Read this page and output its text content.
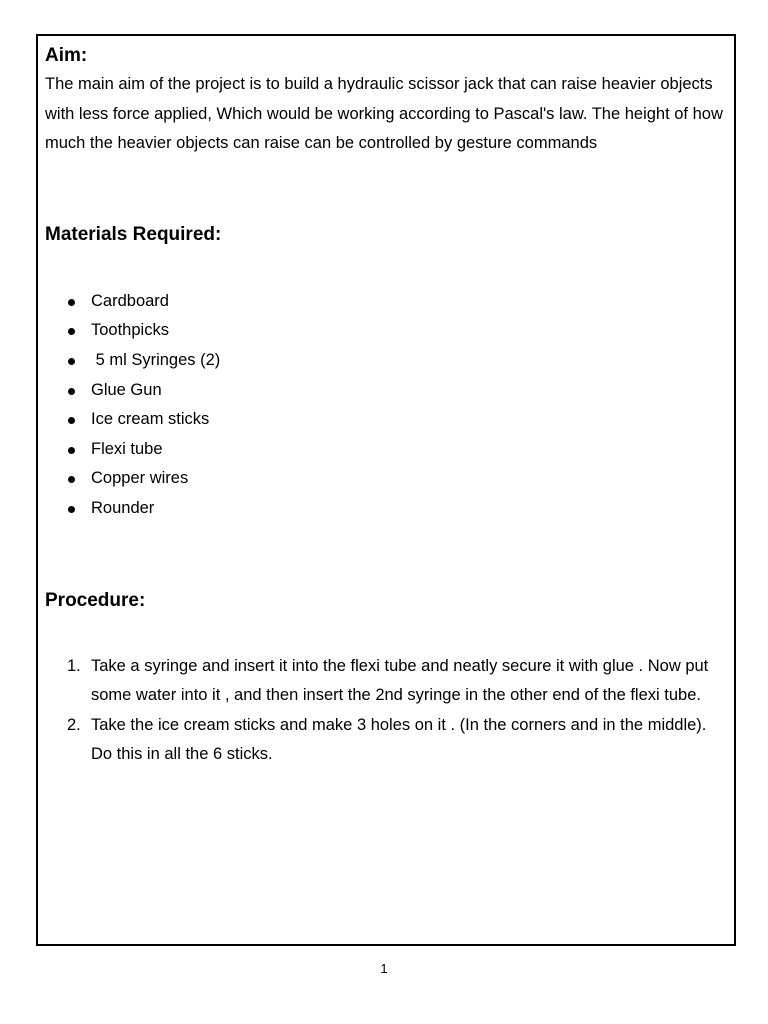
Aim:

The main aim of the project is to build a hydraulic scissor jack that can raise heavier objects with less force applied, Which would be working according to Pascal's law. The height of how much the heavier objects can raise can be controlled by gesture commands

Materials Required:
Cardboard
Toothpicks
5 ml Syringes (2)
Glue Gun
Ice cream sticks
Flexi tube
Copper wires
Rounder
Procedure:
1. Take a syringe and insert it into the flexi tube and neatly secure it with glue . Now put some water into it , and then insert the 2nd syringe in the other end of the flexi tube.
2. Take the ice cream sticks and make 3 holes on it . (In the corners and in the middle). Do this in all the 6 sticks.
1
